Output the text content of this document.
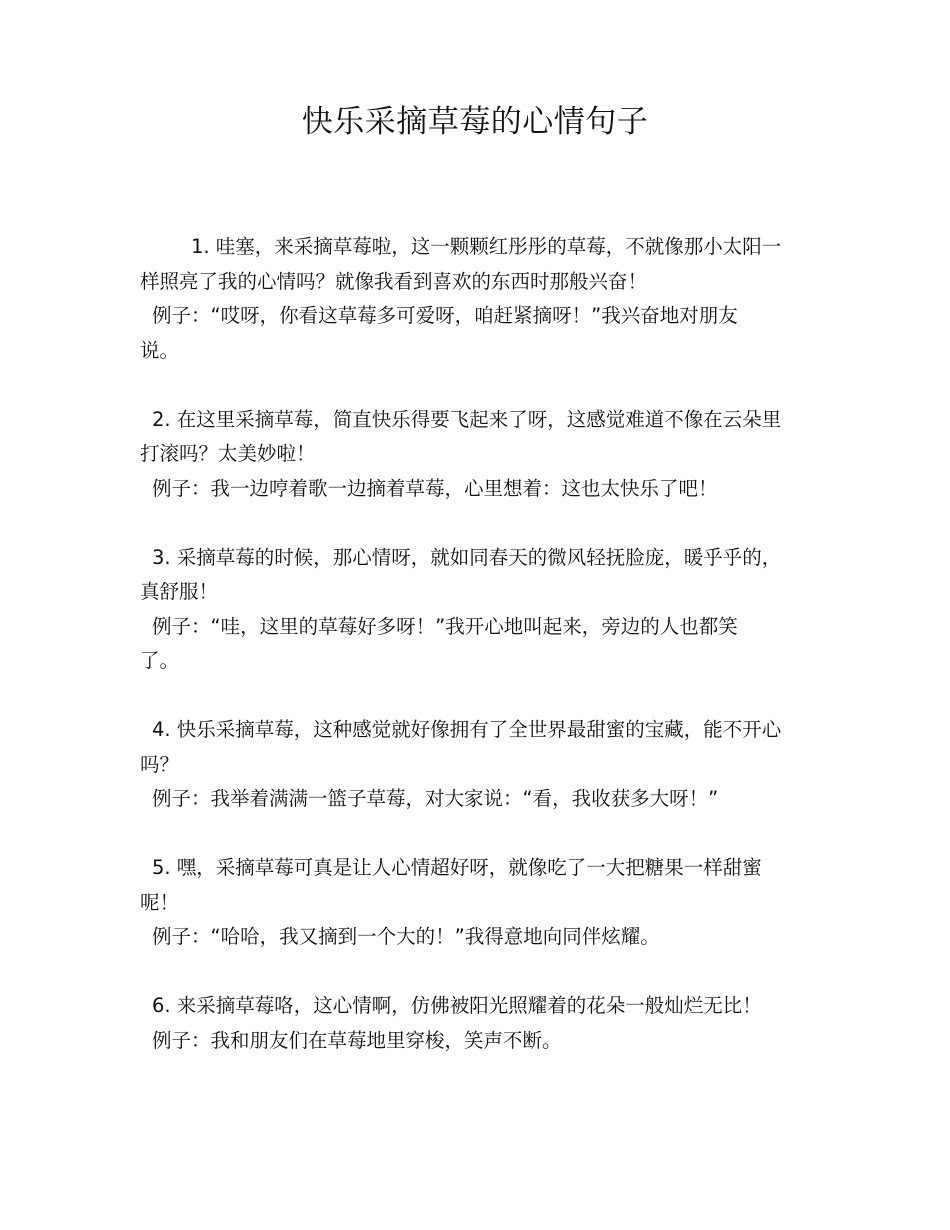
快乐采摘草莓的心情句子
1. 哇塞，来采摘草莓啦，这一颗颗红彤彤的草莓，不就像那小太阳一
样照亮了我的心情吗？就像我看到喜欢的东西时那般兴奋！
例子：“哎呀，你看这草莓多可爱呀，咱赶紧摘呀！”我兴奋地对朋友
说。
2. 在这里采摘草莓，简直快乐得要飞起来了呀，这感觉难道不像在云朵里
打滚吗？太美妙啦！
例子：我一边哼着歌一边摘着草莓，心里想着：这也太快乐了吧！
3. 采摘草莓的时候，那心情呀，就如同春天的微风轻抚脸庞，暖乎乎的，
真舒服！
例子：“哇，这里的草莓好多呀！”我开心地叫起来，旁边的人也都笑
了。
4. 快乐采摘草莓，这种感觉就好像拥有了全世界最甜蜜的宝藏，能不开心
吗？
例子：我举着满满一篮子草莓，对大家说：“看，我收获多大呀！”
5. 嘿，采摘草莓可真是让人心情超好呀，就像吃了一大把糖果一样甜蜜
呢！
例子：“哈哈，我又摘到一个大的！”我得意地向同伴炫耀。
6. 来采摘草莓咯，这心情啊，仿佛被阳光照耀着的花朵一般灿烂无比！
例子：我和朋友们在草莓地里穿梭，笑声不断。
